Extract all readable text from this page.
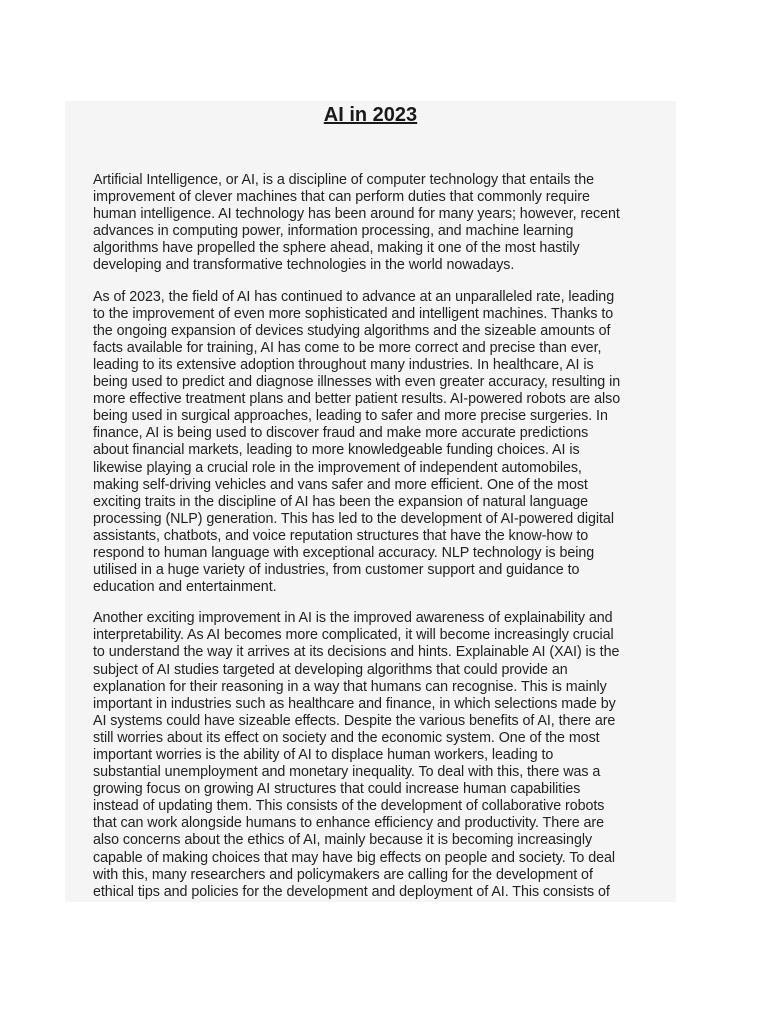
AI in 2023

Artificial Intelligence, or AI, is a discipline of computer technology that entails the
improvement of clever machines that can perform duties that commonly require
human intelligence. AI technology has been around for many years; however, recent
advances in computing power, information processing, and machine learning
algorithms have propelled the sphere ahead, making it one of the most hastily
developing and transformative technologies in the world nowadays.

As of 2023, the field of AI has continued to advance at an unparalleled rate, leading
to the improvement of even more sophisticated and intelligent machines. Thanks to
the ongoing expansion of devices studying algorithms and the sizeable amounts of
facts available for training, AI has come to be more correct and precise than ever,
leading to its extensive adoption throughout many industries. In healthcare, AI is
being used to predict and diagnose illnesses with even greater accuracy, resulting in
more effective treatment plans and better patient results. AI-powered robots are also
being used in surgical approaches, leading to safer and more precise surgeries. In
finance, AI is being used to discover fraud and make more accurate predictions
about financial markets, leading to more knowledgeable funding choices. AI is
likewise playing a crucial role in the improvement of independent automobiles,
making self-driving vehicles and vans safer and more efficient. One of the most
exciting traits in the discipline of AI has been the expansion of natural language
processing (NLP) generation. This has led to the development of AI-powered digital
assistants, chatbots, and voice reputation structures that have the know-how to
respond to human language with exceptional accuracy. NLP technology is being
utilised in a huge variety of industries, from customer support and guidance to
education and entertainment.

Another exciting improvement in AI is the improved awareness of explainability and
interpretability. As AI becomes more complicated, it will become increasingly crucial
to understand the way it arrives at its decisions and hints. Explainable AI (XAI) is the
subject of AI studies targeted at developing algorithms that could provide an
explanation for their reasoning in a way that humans can recognise. This is mainly
important in industries such as healthcare and finance, in which selections made by
AI systems could have sizeable effects. Despite the various benefits of AI, there are
still worries about its effect on society and the economic system. One of the most
important worries is the ability of AI to displace human workers, leading to
substantial unemployment and monetary inequality. To deal with this, there was a
growing focus on growing AI structures that could increase human capabilities
instead of updating them. This consists of the development of collaborative robots
that can work alongside humans to enhance efficiency and productivity. There are
also concerns about the ethics of AI, mainly because it is becoming increasingly
capable of making choices that may have big effects on people and society. To deal
with this, many researchers and policymakers are calling for the development of
ethical tips and policies for the development and deployment of AI. This consists of
